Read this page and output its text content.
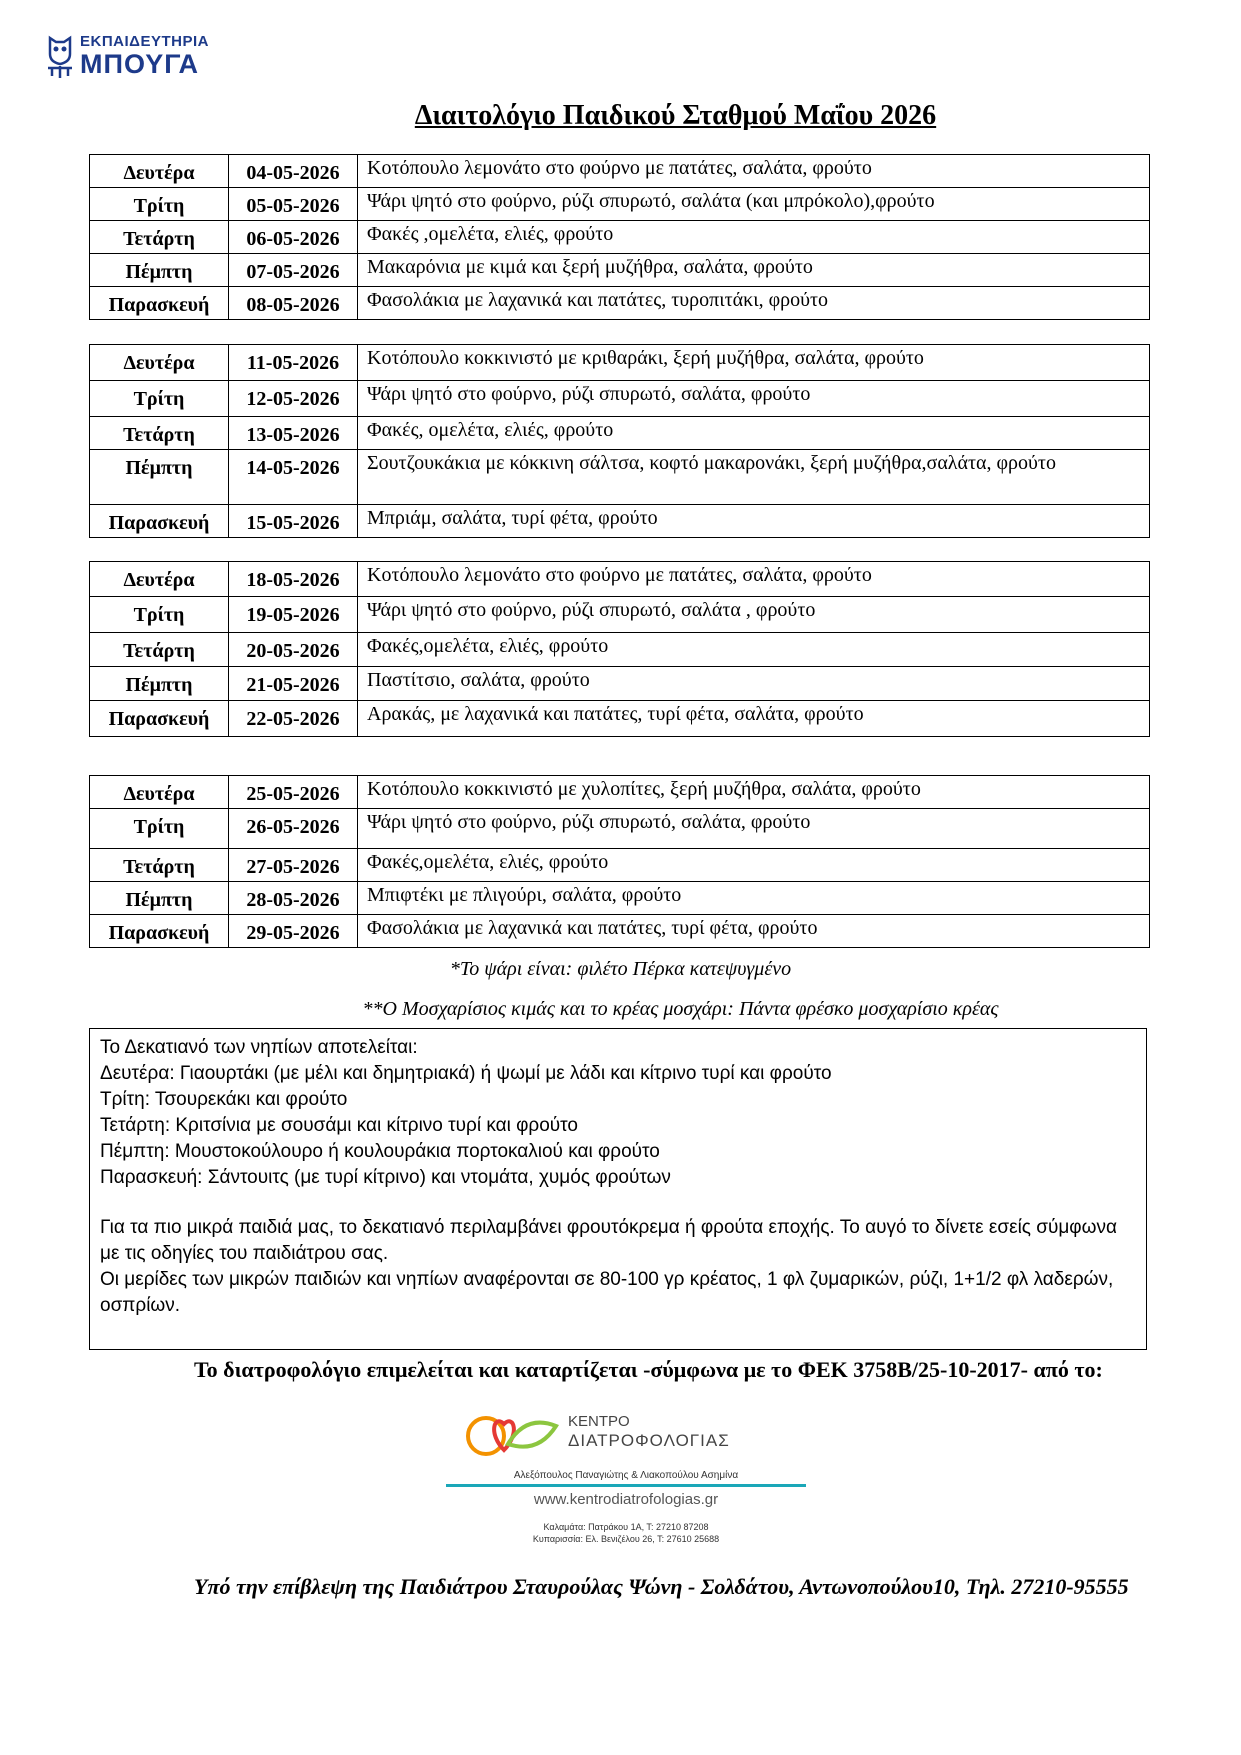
ΕΚΠΑΙΔΕΥΤΗΡΙΑ
ΜΠΟΥΓΑ
Διαιτολόγιο Παιδικού Σταθμού Μαΐου 2026
Δευτέρα	04-05-2026	Κοτόπουλο λεμονάτο στο φούρνο με πατάτες, σαλάτα, φρούτο
Τρίτη	05-05-2026	Ψάρι ψητό στο φούρνο, ρύζι σπυρωτό, σαλάτα (και μπρόκολο),φρούτο
Τετάρτη	06-05-2026	Φακές ,ομελέτα, ελιές, φρούτο
Πέμπτη	07-05-2026	Μακαρόνια με κιμά και ξερή μυζήθρα, σαλάτα, φρούτο
Παρασκευή	08-05-2026	Φασολάκια με λαχανικά και πατάτες, τυροπιτάκι, φρούτο
Δευτέρα	11-05-2026	Κοτόπουλο κοκκινιστό με κριθαράκι, ξερή μυζήθρα, σαλάτα, φρούτο
Τρίτη	12-05-2026	Ψάρι ψητό στο φούρνο, ρύζι σπυρωτό, σαλάτα, φρούτο
Τετάρτη	13-05-2026	Φακές, ομελέτα, ελιές, φρούτο
Πέμπτη	14-05-2026	Σουτζουκάκια με κόκκινη σάλτσα, κοφτό μακαρονάκι, ξερή μυζήθρα,σαλάτα, φρούτο
Παρασκευή	15-05-2026	Μπριάμ, σαλάτα, τυρί φέτα, φρούτο
Δευτέρα	18-05-2026	Κοτόπουλο λεμονάτο στο φούρνο με πατάτες, σαλάτα, φρούτο
Τρίτη	19-05-2026	Ψάρι ψητό στο φούρνο, ρύζι σπυρωτό, σαλάτα , φρούτο
Τετάρτη	20-05-2026	Φακές,ομελέτα, ελιές, φρούτο
Πέμπτη	21-05-2026	Παστίτσιο, σαλάτα, φρούτο
Παρασκευή	22-05-2026	Αρακάς, με λαχανικά και πατάτες, τυρί φέτα, σαλάτα, φρούτο
Δευτέρα	25-05-2026	Κοτόπουλο κοκκινιστό με χυλοπίτες, ξερή μυζήθρα, σαλάτα, φρούτο
Τρίτη	26-05-2026	Ψάρι ψητό στο φούρνο, ρύζι σπυρωτό, σαλάτα, φρούτο
Τετάρτη	27-05-2026	Φακές,ομελέτα, ελιές, φρούτο
Πέμπτη	28-05-2026	Μπιφτέκι με πλιγούρι, σαλάτα, φρούτο
Παρασκευή	29-05-2026	Φασολάκια με λαχανικά και πατάτες, τυρί φέτα, φρούτο
*Το ψάρι είναι: φιλέτο Πέρκα κατεψυγμένο
**Ο Μοσχαρίσιος κιμάς και το κρέας μοσχάρι: Πάντα φρέσκο μοσχαρίσιο κρέας

Το Δεκατιανό των νηπίων αποτελείται:

Δευτέρα: Γιαουρτάκι (με μέλι και δημητριακά) ή ψωμί με λάδι και κίτρινο τυρί και φρούτο

Τρίτη: Τσουρεκάκι και φρούτο

Τετάρτη: Κριτσίνια με σουσάμι και κίτρινο τυρί και φρούτο

Πέμπτη: Μουστοκούλουρο ή κουλουράκια πορτοκαλιού και φρούτο

Παρασκευή: Σάντουιτς (με τυρί κίτρινο) και ντομάτα, χυμός φρούτων

Για τα πιο μικρά παιδιά μας, το δεκατιανό περιλαμβάνει φρουτόκρεμα ή φρούτα εποχής. Το αυγό το δίνετε εσείς σύμφωνα με τις οδηγίες του παιδιάτρου σας.

Οι μερίδες των μικρών παιδιών και νηπίων αναφέρονται σε 80-100 γρ κρέατος, 1 φλ ζυμαρικών, ρύζι, 1+1/2 φλ λαδερών, οσπρίων.

Το διατροφολόγιο επιμελείται και καταρτίζεται -σύμφωνα με το ΦΕΚ 3758Β/25-10-2017- από το:
ΚΕΝΤΡΟ
ΔΙΑΤΡΟΦΟΛΟΓΙΑΣ
Αλεξόπουλος Παναγιώτης & Λιακοπούλου Ασημίνα
www.kentrodiatrofologias.gr
Καλαμάτα: Πατράκου 1Α, Τ: 27210 87208
Κυπαρισσία: Ελ. Βενιζέλου 26, Τ: 27610 25688
Υπό την επίβλεψη της Παιδιάτρου Σταυρούλας Ψώνη - Σολδάτου, Αντωνοπούλου10, Τηλ. 27210-95555
